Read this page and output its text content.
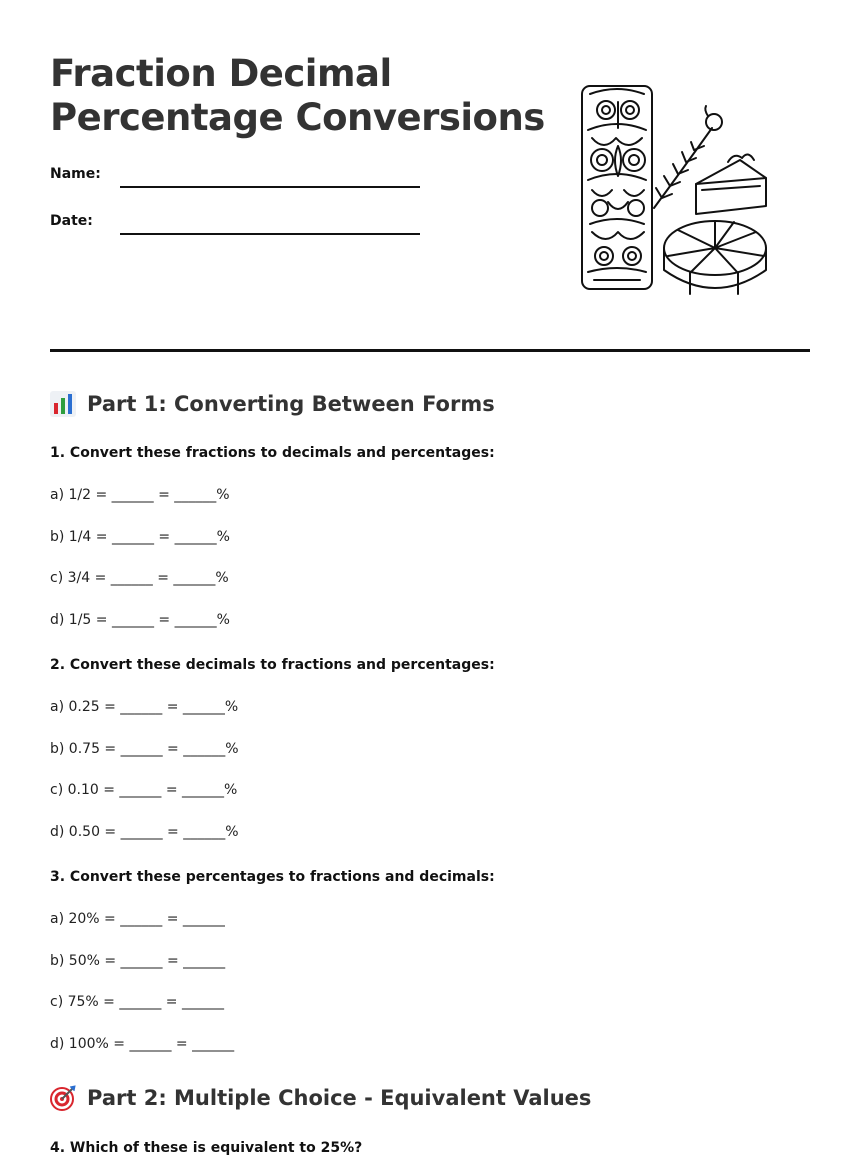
Fraction Decimal
Percentage Conversions
Name:
Date:
Part 1: Converting Between Forms
1. Convert these fractions to decimals and percentages:
a) 1/2 = ______ = ______%
b) 1/4 = ______ = ______%
c) 3/4 = ______ = ______%
d) 1/5 = ______ = ______%
2. Convert these decimals to fractions and percentages:
a) 0.25 = ______ = ______%
b) 0.75 = ______ = ______%
c) 0.10 = ______ = ______%
d) 0.50 = ______ = ______%
3. Convert these percentages to fractions and decimals:
a) 20% = ______ = ______
b) 50% = ______ = ______
c) 75% = ______ = ______
d) 100% = ______ = ______
Part 2: Multiple Choice - Equivalent Values
4. Which of these is equivalent to 25%?
